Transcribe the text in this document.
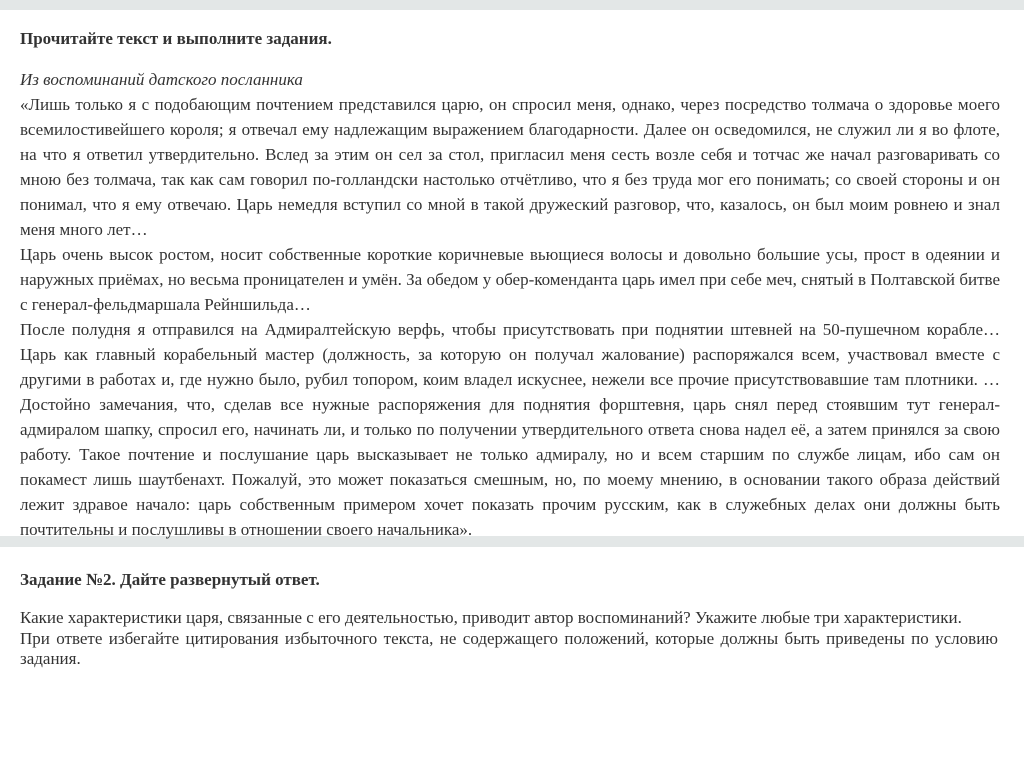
Прочитайте текст и выполните задания.

Из воспоминаний датского посланника

«Лишь только я с подобающим почтением представился царю, он спросил меня, однако, через посредство толмача о здоровье моего всемилостивейшего короля; я отвечал ему надлежащим выражением благодарности. Далее он осведомился, не служил ли я во флоте, на что я ответил утвердительно. Вслед за этим он сел за стол, пригласил меня сесть возле себя и тотчас же начал разговаривать со мною без толмача, так как сам говорил по-голландски настолько отчётливо, что я без труда мог его понимать; со своей стороны и он понимал, что я ему отвечаю. Царь немедля вступил со мной в такой дружеский разговор, что, казалось, он был моим ровнею и знал меня много лет…

Царь очень высок ростом, носит собственные короткие коричневые вьющиеся волосы и довольно большие усы, прост в одеянии и наружных приёмах, но весьма проницателен и умён. За обедом у обер-коменданта царь имел при себе меч, снятый в Полтавской битве с генерал-фельдмаршала Рейншильда…

После полудня я отправился на Адмиралтейскую верфь, чтобы присутствовать при поднятии штевней на 50-пушечном корабле… Царь как главный корабельный мастер (должность, за которую он получал жалование) распоряжался всем, участвовал вместе с другими в работах и, где нужно было, рубил топором, коим владел искуснее, нежели все прочие присутствовавшие там плотники. …Достойно замечания, что, сделав все нужные распоряжения для поднятия форштевня, царь снял перед стоявшим тут генерал-адмиралом шапку, спросил его, начинать ли, и только по получении утвердительного ответа снова надел её, а затем принялся за свою работу. Такое почтение и послушание царь высказывает не только адмиралу, но и всем старшим по службе лицам, ибо сам он покамест лишь шаутбенахт. Пожалуй, это может показаться смешным, но, по моему мнению, в основании такого образа действий лежит здравое начало: царь собственным примером хочет показать прочим русским, как в служебных делах они должны быть почтительны и послушливы в отношении своего начальника».

Задание №2. Дайте развернутый ответ.

Какие характеристики царя, связанные с его деятельностью, приводит автор воспоминаний? Укажите любые три характеристики.

При ответе избегайте цитирования избыточного текста, не содержащего положений, которые должны быть приведены по условию задания.
